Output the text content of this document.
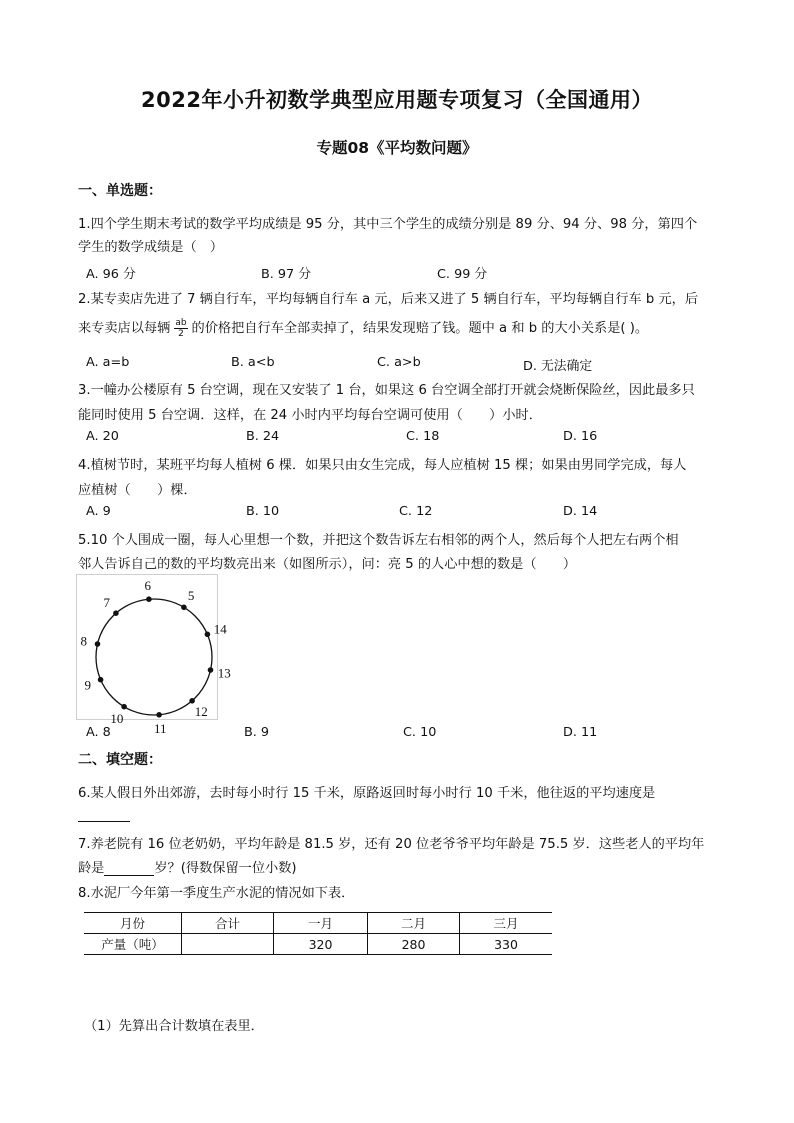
2022年小升初数学典型应用题专项复习（全国通用）
专题08《平均数问题》
一、单选题：
1.四个学生期末考试的数学平均成绩是 95 分，其中三个学生的成绩分别是 89 分、94 分、98 分，第四个
学生的数学成绩是（　）
A. 96 分	B. 97 分	C. 99 分
2.某专卖店先进了 7 辆自行车，平均每辆自行车 a 元，后来又进了 5 辆自行车，平均每辆自行车 b 元，后
来专卖店以每辆 $\frac{ab}{2}$ 的价格把自行车全部卖掉了，结果发现赔了钱。题中 a 和 b 的大小关系是( )。
A. a=b	B. a<b	C. a>b	D. 无法确定
3.一幢办公楼原有 5 台空调，现在又安装了 1 台，如果这 6 台空调全部打开就会烧断保险丝，因此最多只
能同时使用 5 台空调．这样，在 24 小时内平均每台空调可使用（　　）小时．
A. 20	B. 24	C. 18	D. 16
4.植树节时，某班平均每人植树 6 棵．如果只由女生完成，每人应植树 15 棵；如果由男同学完成，每人
应植树（　　）棵．
A. 9	B. 10	C. 12	D. 14
5.10 个人围成一圈，每人心里想一个数，并把这个数告诉左右相邻的两个人，然后每个人把左右两个相
邻人告诉自己的数的平均数亮出来（如图所示），问：亮 5 的人心中想的数是（　　）
6
5
14
13
12
11
10
9
8
7
A. 8	B. 9	C. 10	D. 11
二、填空题：
6.某人假日外出郊游，去时每小时行 15 千米，原路返回时每小时行 10 千米，他往返的平均速度是
7.养老院有 16 位老奶奶，平均年龄是 81.5 岁，还有 20 位老爷爷平均年龄是 75.5 岁．这些老人的平均年
龄是	岁？(得数保留一位小数)
8.水泥厂今年第一季度生产水泥的情况如下表．
月份	合计	一月	二月	三月
产量（吨）		320	280	330
（1）先算出合计数填在表里．
